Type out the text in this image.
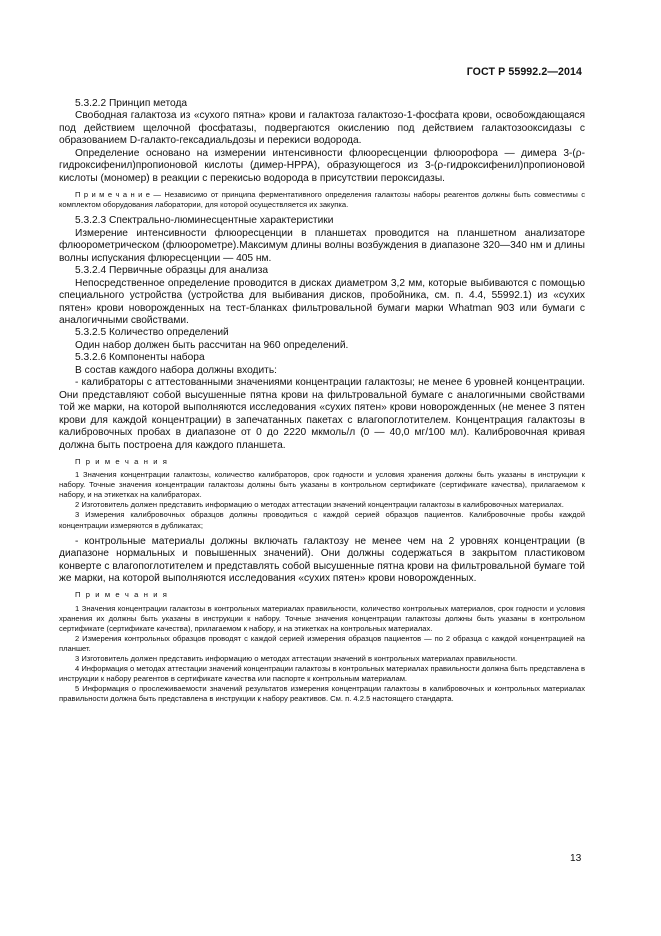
ГОСТ Р 55992.2—2014

5.3.2.2 Принцип метода

Свободная галактоза из «сухого пятна» крови и галактоза галактозо-1-фосфата крови, освобождающаяся под действием щелочной фосфатазы, подвергаются окислению под действием галактозооксидазы с образованием D-галакто-гексадиальдозы и перекиси водорода.

Определение основано на измерении интенсивности флюоресценции флюорофора — димера 3-(ρ-гидроксифенил)пропионовой кислоты (димер-НРРА), образующегося из 3-(ρ-гидроксифенил)пропионовой кислоты (мономер) в реакции с перекисью водорода в присутствии пероксидазы.

П р и м е ч а н и е — Независимо от принципа ферментативного определения галактозы наборы реагентов должны быть совместимы с комплектом оборудования лаборатории, для которой осуществляется их закупка.

5.3.2.3 Спектрально-люминесцентные характеристики

Измерение интенсивности флюоресценции в планшетах проводится на планшетном анализаторе флюорометрическом (флюорометре).Максимум длины волны возбуждения в диапазоне 320—340 нм и длины волны испускания флюресценции — 405 нм.

5.3.2.4 Первичные образцы для анализа

Непосредственное определение проводится в дисках диаметром 3,2 мм, которые выбиваются с помощью специального устройства (устройства для выбивания дисков, пробойника, см. п. 4.4, 55992.1) из «сухих пятен» крови новорожденных на тест-бланках фильтровальной бумаги марки Whatman 903 или бумаги с аналогичными свойствами.

5.3.2.5 Количество определений

Один набор должен быть рассчитан на 960 определений.

5.3.2.6 Компоненты набора

В состав каждого набора должны входить:

- калибраторы с аттестованными значениями концентрации галактозы; не менее 6 уровней концентрации. Они представляют собой высушенные пятна крови на фильтровальной бумаге с аналогичными свойствами той же марки, на которой выполняются исследования «сухих пятен» крови новорожденных (не менее 3 пятен крови для каждой концентрации) в запечатанных пакетах с влагопоглотителем. Концентрация галактозы в калибровочных пробах в диапазоне от 0 до 2220 мкмоль/л (0 — 40,0 мг/100 мл). Калибровочная кривая должна быть построена для каждого планшета.

П р и м е ч а н и я

1 Значения концентрации галактозы, количество калибраторов, срок годности и условия хранения должны быть указаны в инструкции к набору. Точные значения концентрации галактозы должны быть указаны в контрольном сертификате (сертификате качества), прилагаемом к набору, и на этикетках на калибраторах.

2 Изготовитель должен представить информацию о методах аттестации значений концентрации галактозы в калибровочных материалах.

3 Измерения калибровочных образцов должны проводиться с каждой серией образцов пациентов. Калибровочные пробы каждой концентрации измеряются в дубликатах;

- контрольные материалы должны включать галактозу не менее чем на 2 уровнях концентрации (в диапазоне нормальных и повышенных значений). Они должны содержаться в закрытом пластиковом конверте с влагопоглотителем и представлять собой высушенные пятна крови на фильтровальной бумаге той же марки, на которой выполняются исследования «сухих пятен» крови новорожденных.

П р и м е ч а н и я

1 Значения концентрации галактозы в контрольных материалах правильности, количество контрольных материалов, срок годности и условия хранения их должны быть указаны в инструкции к набору. Точные значения концентрации галактозы должны быть указаны в контрольном сертификате (сертификате качества), прилагаемом к набору, и на этикетках на контрольных материалах.

2 Измерения контрольных образцов проводят с каждой серией измерения образцов пациентов — по 2 образца с каждой концентрацией на планшет.

3 Изготовитель должен представить информацию о методах аттестации значений в контрольных материалах правильности.

4 Информация о методах аттестации значений концентрации галактозы в контрольных материалах правильности должна быть представлена в инструкции к набору реагентов в сертификате качества или паспорте к контрольным материалам.

5 Информация о прослеживаемости значений результатов измерения концентрации галактозы в калибровочных и контрольных материалах правильности должна быть представлена в инструкции к набору реактивов. См. п. 4.2.5 настоящего стандарта.

13
